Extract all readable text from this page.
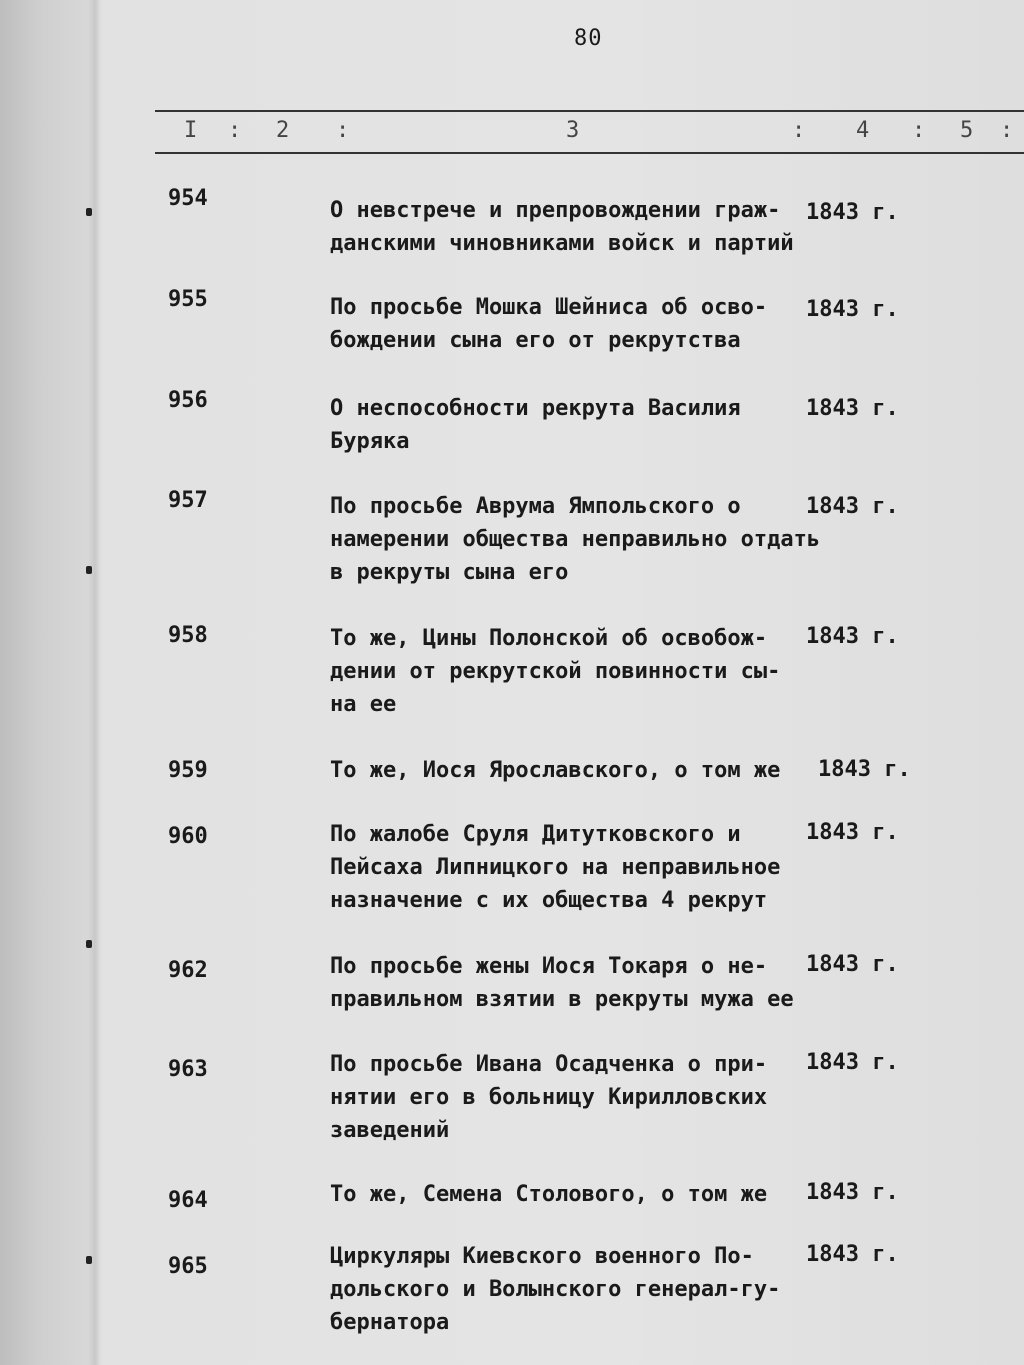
80
I : 2 :	3	: 4 : 5 :
954	О невстрече и препровождении граж-
данскими чиновниками войск и партий
1843 г.
955	По просьбе Мошка Шейниса об осво-
бождении сына его от рекрутства
1843 г.
956	О неспособности рекрута Василия
Буряка
1843 г.
957	По просьбе Аврума Ямпольского о
намерении общества неправильно отдать
в рекруты сына его
1843 г.
958	То же, Цины Полонской об освобож-
дении от рекрутской повинности сы-
на ее
1843 г.
959	То же, Иося Ярославского, о том же	1843 г.
960	По жалобе Сруля Дитутковского и
Пейсаха Липницкого на неправильное
назначение с их общества 4 рекрут
1843 г.
962	По просьбе жены Иося Токаря о не-
правильном взятии в рекруты мужа ее
1843 г.
963	По просьбе Ивана Осадченка о при-
нятии его в больницу Кирилловских
заведений
1843 г.
964	То же, Семена Столового, о том же	1843 г.
965	Циркуляры Киевского военного По-
дольского и Волынского генерал-гу-
бернатора
1843 г.
